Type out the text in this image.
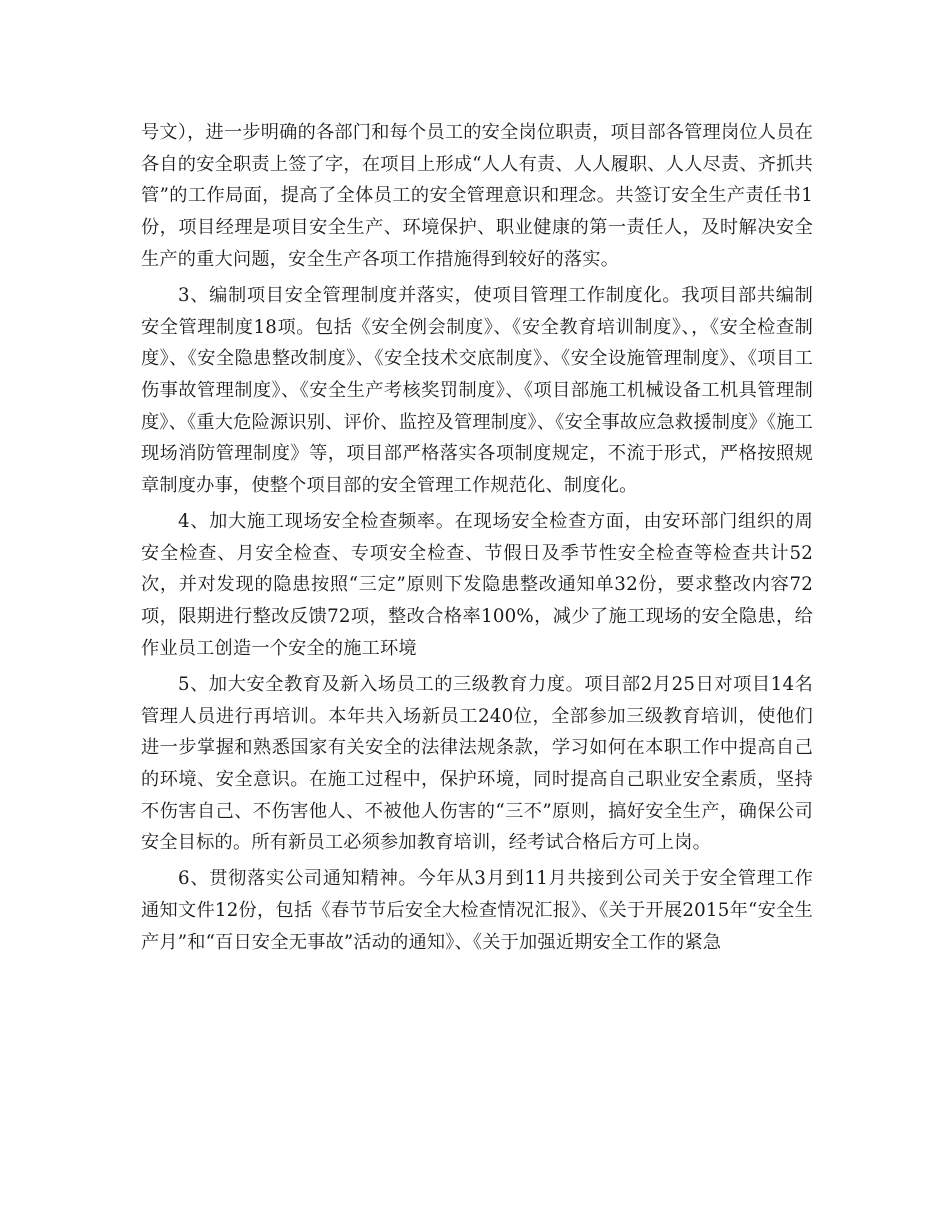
号文），进一步明确的各部门和每个员工的安全岗位职责，项目部各管理岗位人员在各自的安全职责上签了字，在项目上形成“人人有责、人人履职、人人尽责、齐抓共管”的工作局面，提高了全体员工的安全管理意识和理念。共签订安全生产责任书1份，项目经理是项目安全生产、环境保护、职业健康的第一责任人，及时解决安全生产的重大问题，安全生产各项工作措施得到较好的落实。

3、编制项目安全管理制度并落实，使项目管理工作制度化。我项目部共编制安全管理制度18项。包括《安全例会制度》、《安全教育培训制度》、，《安全检查制度》、《安全隐患整改制度》、《安全技术交底制度》、《安全设施管理制度》、《项目工伤事故管理制度》、《安全生产考核奖罚制度》、《项目部施工机械设备工机具管理制度》、《重大危险源识别、评价、监控及管理制度》、《安全事故应急救援制度》《施工现场消防管理制度》等，项目部严格落实各项制度规定，不流于形式，严格按照规章制度办事，使整个项目部的安全管理工作规范化、制度化。

4、加大施工现场安全检查频率。在现场安全检查方面，由安环部门组织的周安全检查、月安全检查、专项安全检查、节假日及季节性安全检查等检查共计52次，并对发现的隐患按照“三定”原则下发隐患整改通知单32份，要求整改内容72项，限期进行整改反馈72项，整改合格率100%，减少了施工现场的安全隐患，给作业员工创造一个安全的施工环境

5、加大安全教育及新入场员工的三级教育力度。项目部2月25日对项目14名管理人员进行再培训。本年共入场新员工240位，全部参加三级教育培训，使他们进一步掌握和熟悉国家有关安全的法律法规条款，学习如何在本职工作中提高自己的环境、安全意识。在施工过程中，保护环境，同时提高自己职业安全素质，坚持不伤害自己、不伤害他人、不被他人伤害的“三不”原则，搞好安全生产，确保公司安全目标的。所有新员工必须参加教育培训，经考试合格后方可上岗。

6、贯彻落实公司通知精神。今年从3月到11月共接到公司关于安全管理工作通知文件12份，包括《春节节后安全大检查情况汇报》、《关于开展2015年“安全生产月”和“百日安全无事故”活动的通知》、《关于加强近期安全工作的紧急
